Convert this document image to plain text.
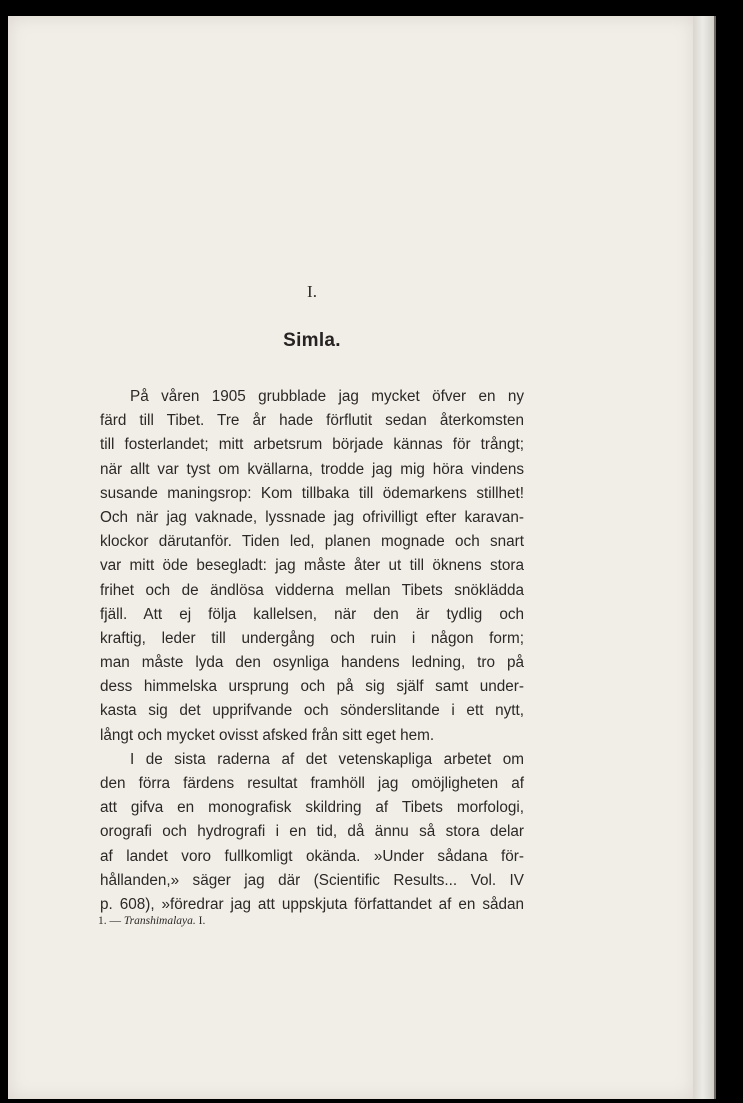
I.

Simla.
På våren 1905 grubblade jag mycket öfver en ny
färd till Tibet. Tre år hade förflutit sedan återkomsten
till fosterlandet; mitt arbetsrum började kännas för trångt;
när allt var tyst om kvällarna, trodde jag mig höra vindens
susande maningsrop: Kom tillbaka till ödemarkens stillhet!
Och när jag vaknade, lyssnade jag ofrivilligt efter karavan-
klockor därutanför. Tiden led, planen mognade och snart
var mitt öde besegladt: jag måste åter ut till öknens stora
frihet och de ändlösa vidderna mellan Tibets snöklädda
fjäll. Att ej följa kallelsen, när den är tydlig och
kraftig, leder till undergång och ruin i någon form;
man måste lyda den osynliga handens ledning, tro på
dess himmelska ursprung och på sig själf samt under-
kasta sig det upprifvande och sönderslitande i ett nytt,
långt och mycket ovisst afsked från sitt eget hem.
I de sista raderna af det vetenskapliga arbetet om
den förra färdens resultat framhöll jag omöjligheten af
att gifva en monografisk skildring af Tibets morfologi,
orografi och hydrografi i en tid, då ännu så stora delar
af landet voro fullkomligt okända. »Under sådana för-
hållanden,» säger jag där (Scientific Results... Vol. IV
p. 608), »föredrar jag att uppskjuta författandet af en sådan
1. — Transhimalaya. I.
